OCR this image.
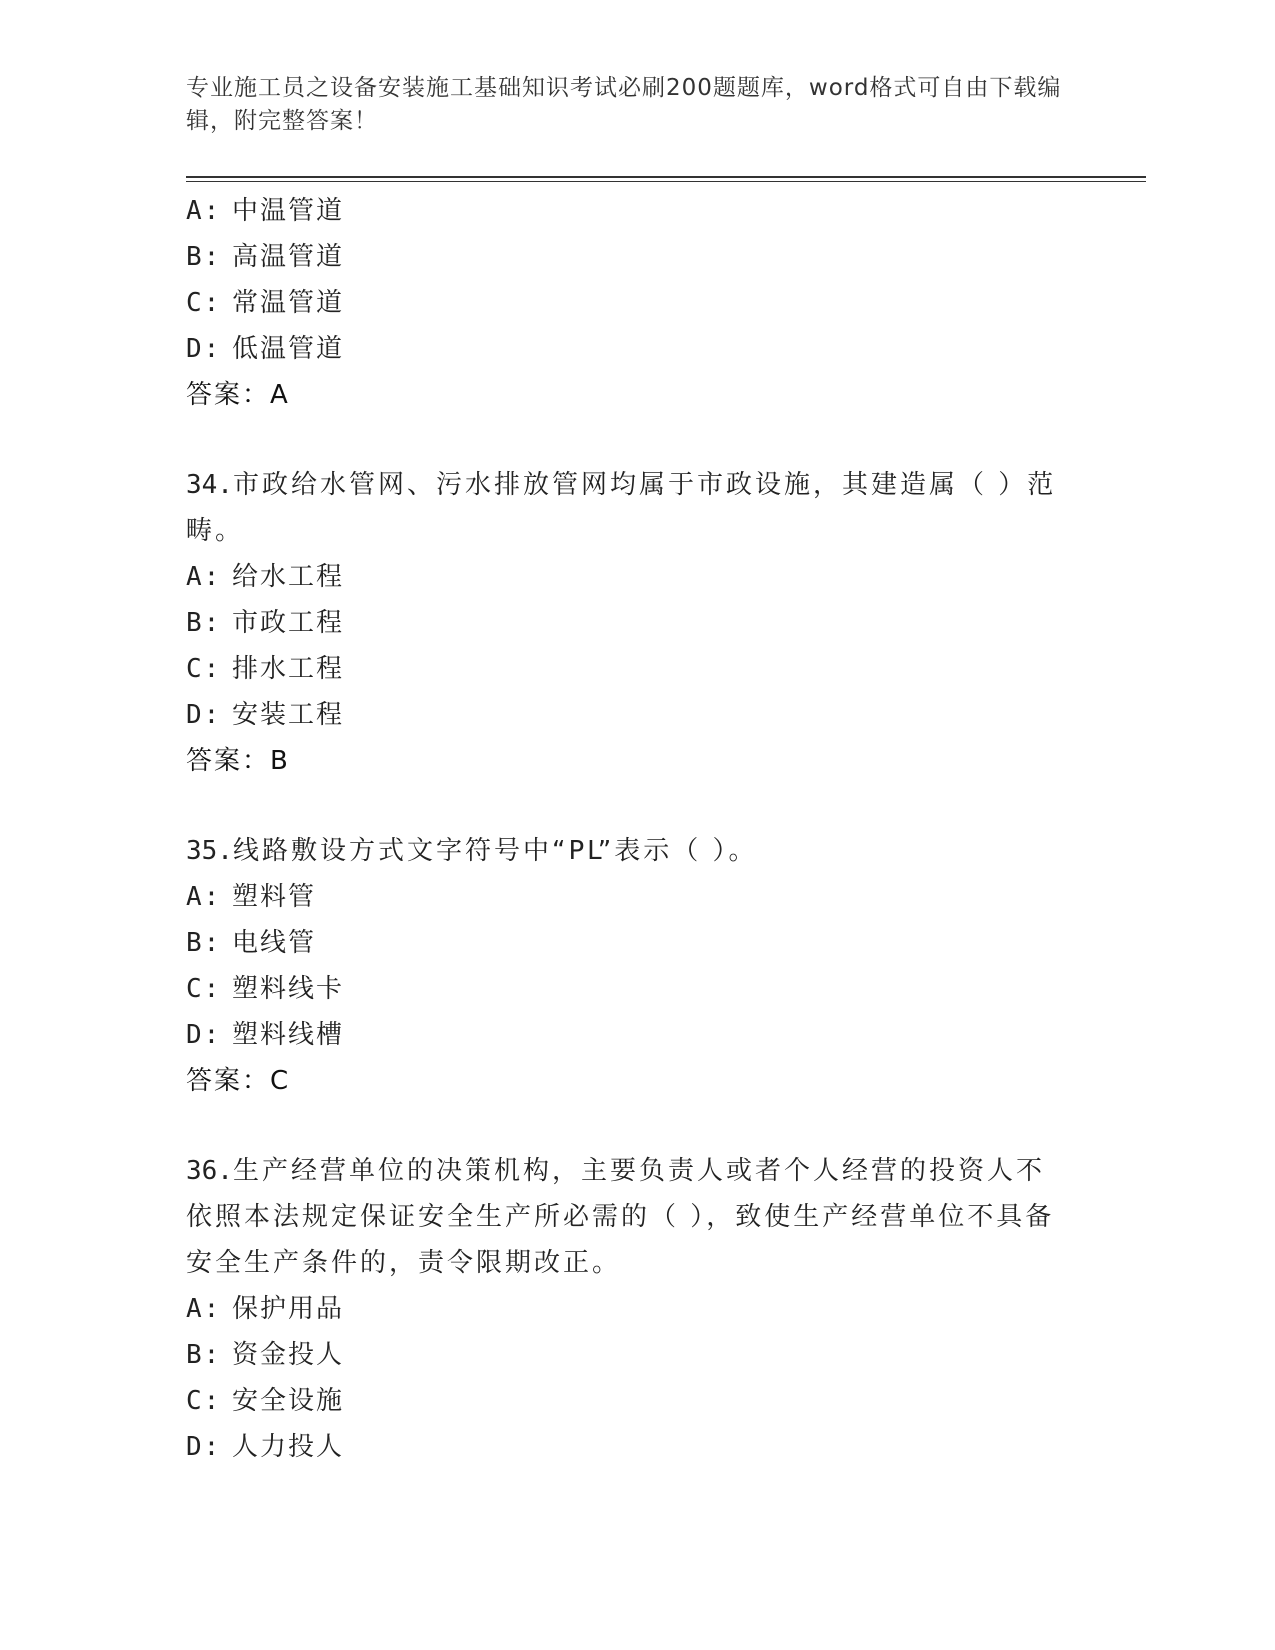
专业施工员之设备安装施工基础知识考试必刷200题题库，word格式可自由下载编辑，附完整答案！
A: 中温管道
B: 高温管道
C: 常温管道
D: 低温管道
答案：A
34.市政给水管网、污水排放管网均属于市政设施，其建造属（ ）范畴。
A: 给水工程
B: 市政工程
C: 排水工程
D: 安装工程
答案：B
35.线路敷设方式文字符号中“PL”表示（ ）。
A: 塑料管
B: 电线管
C: 塑料线卡
D: 塑料线槽
答案：C
36.生产经营单位的决策机构，主要负责人或者个人经营的投资人不依照本法规定保证安全生产所必需的（ ），致使生产经营单位不具备安全生产条件的，责令限期改正。
A: 保护用品
B: 资金投人
C: 安全设施
D: 人力投人
